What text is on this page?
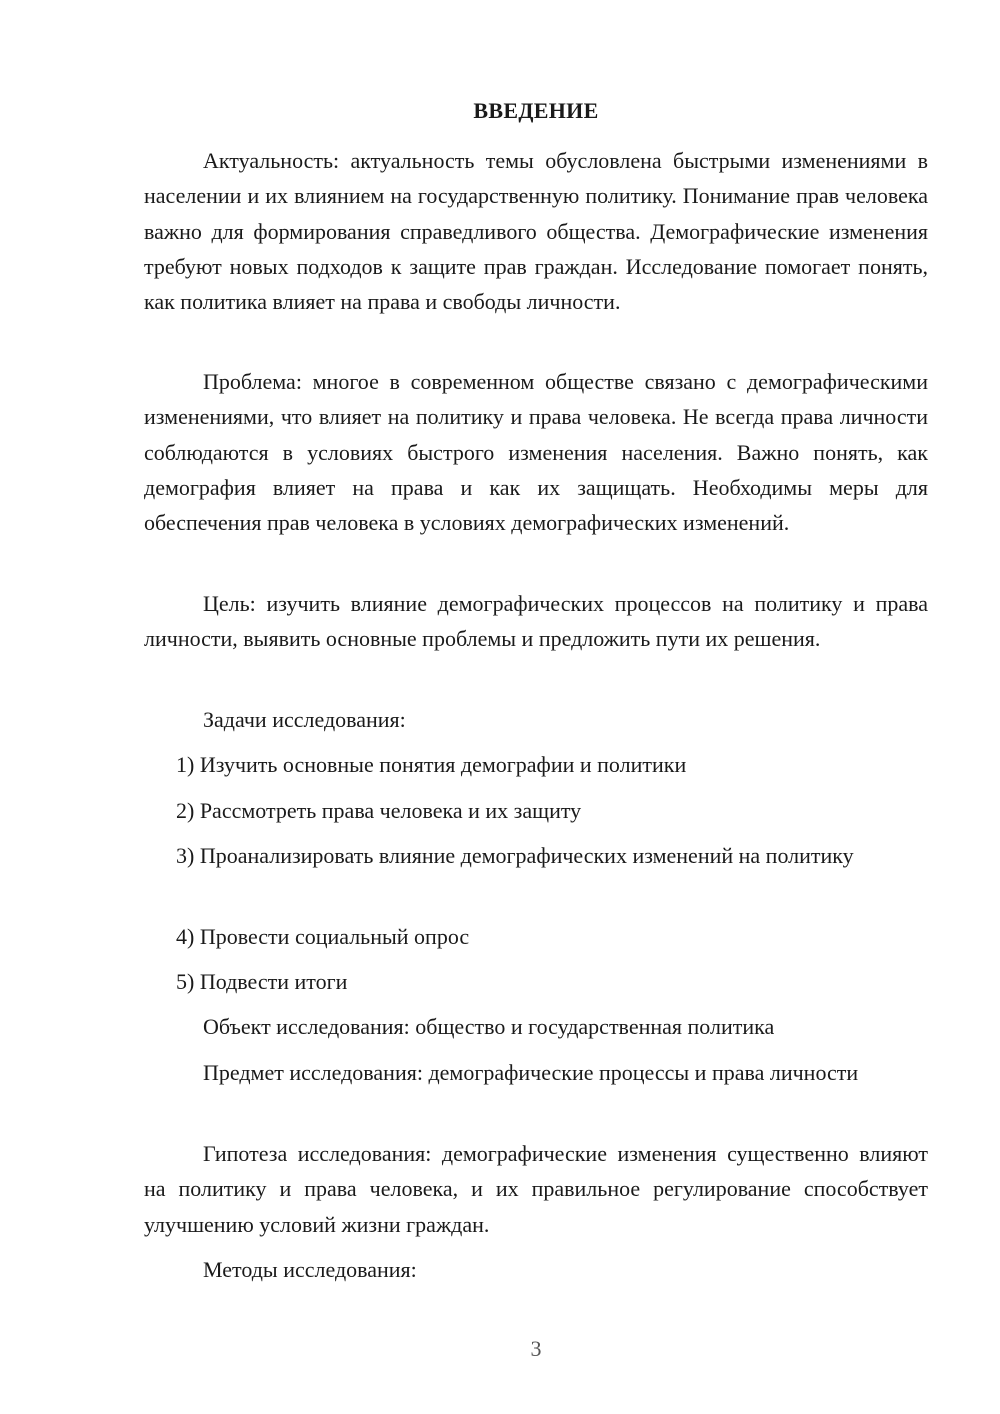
ВВЕДЕНИЕ

Актуальность: актуальность темы обусловлена быстрыми изменениями в населении и их влиянием на государственную политику. Понимание прав человека важно для формирования справедливого общества. Демографические изменения требуют новых подходов к защите прав граждан. Исследование помогает понять, как политика влияет на права и свободы личности.

Проблема: многое в современном обществе связано с демографическими изменениями, что влияет на политику и права человека. Не всегда права личности соблюдаются в условиях быстрого изменения населения. Важно понять, как демография влияет на права и как их защищать. Необходимы меры для обеспечения прав человека в условиях демографических изменений.

Цель: изучить влияние демографических процессов на политику и права личности, выявить основные проблемы и предложить пути их решения.

Задачи исследования:

1) Изучить основные понятия демографии и политики

2) Рассмотреть права человека и их защиту

3) Проанализировать влияние демографических изменений на политику

4) Провести социальный опрос

5) Подвести итоги

Объект исследования: общество и государственная политика

Предмет исследования: демографические процессы и права личности

Гипотеза исследования: демографические изменения существенно влияют на политику и права человека, и их правильное регулирование способствует улучшению условий жизни граждан.

Методы исследования:

3
